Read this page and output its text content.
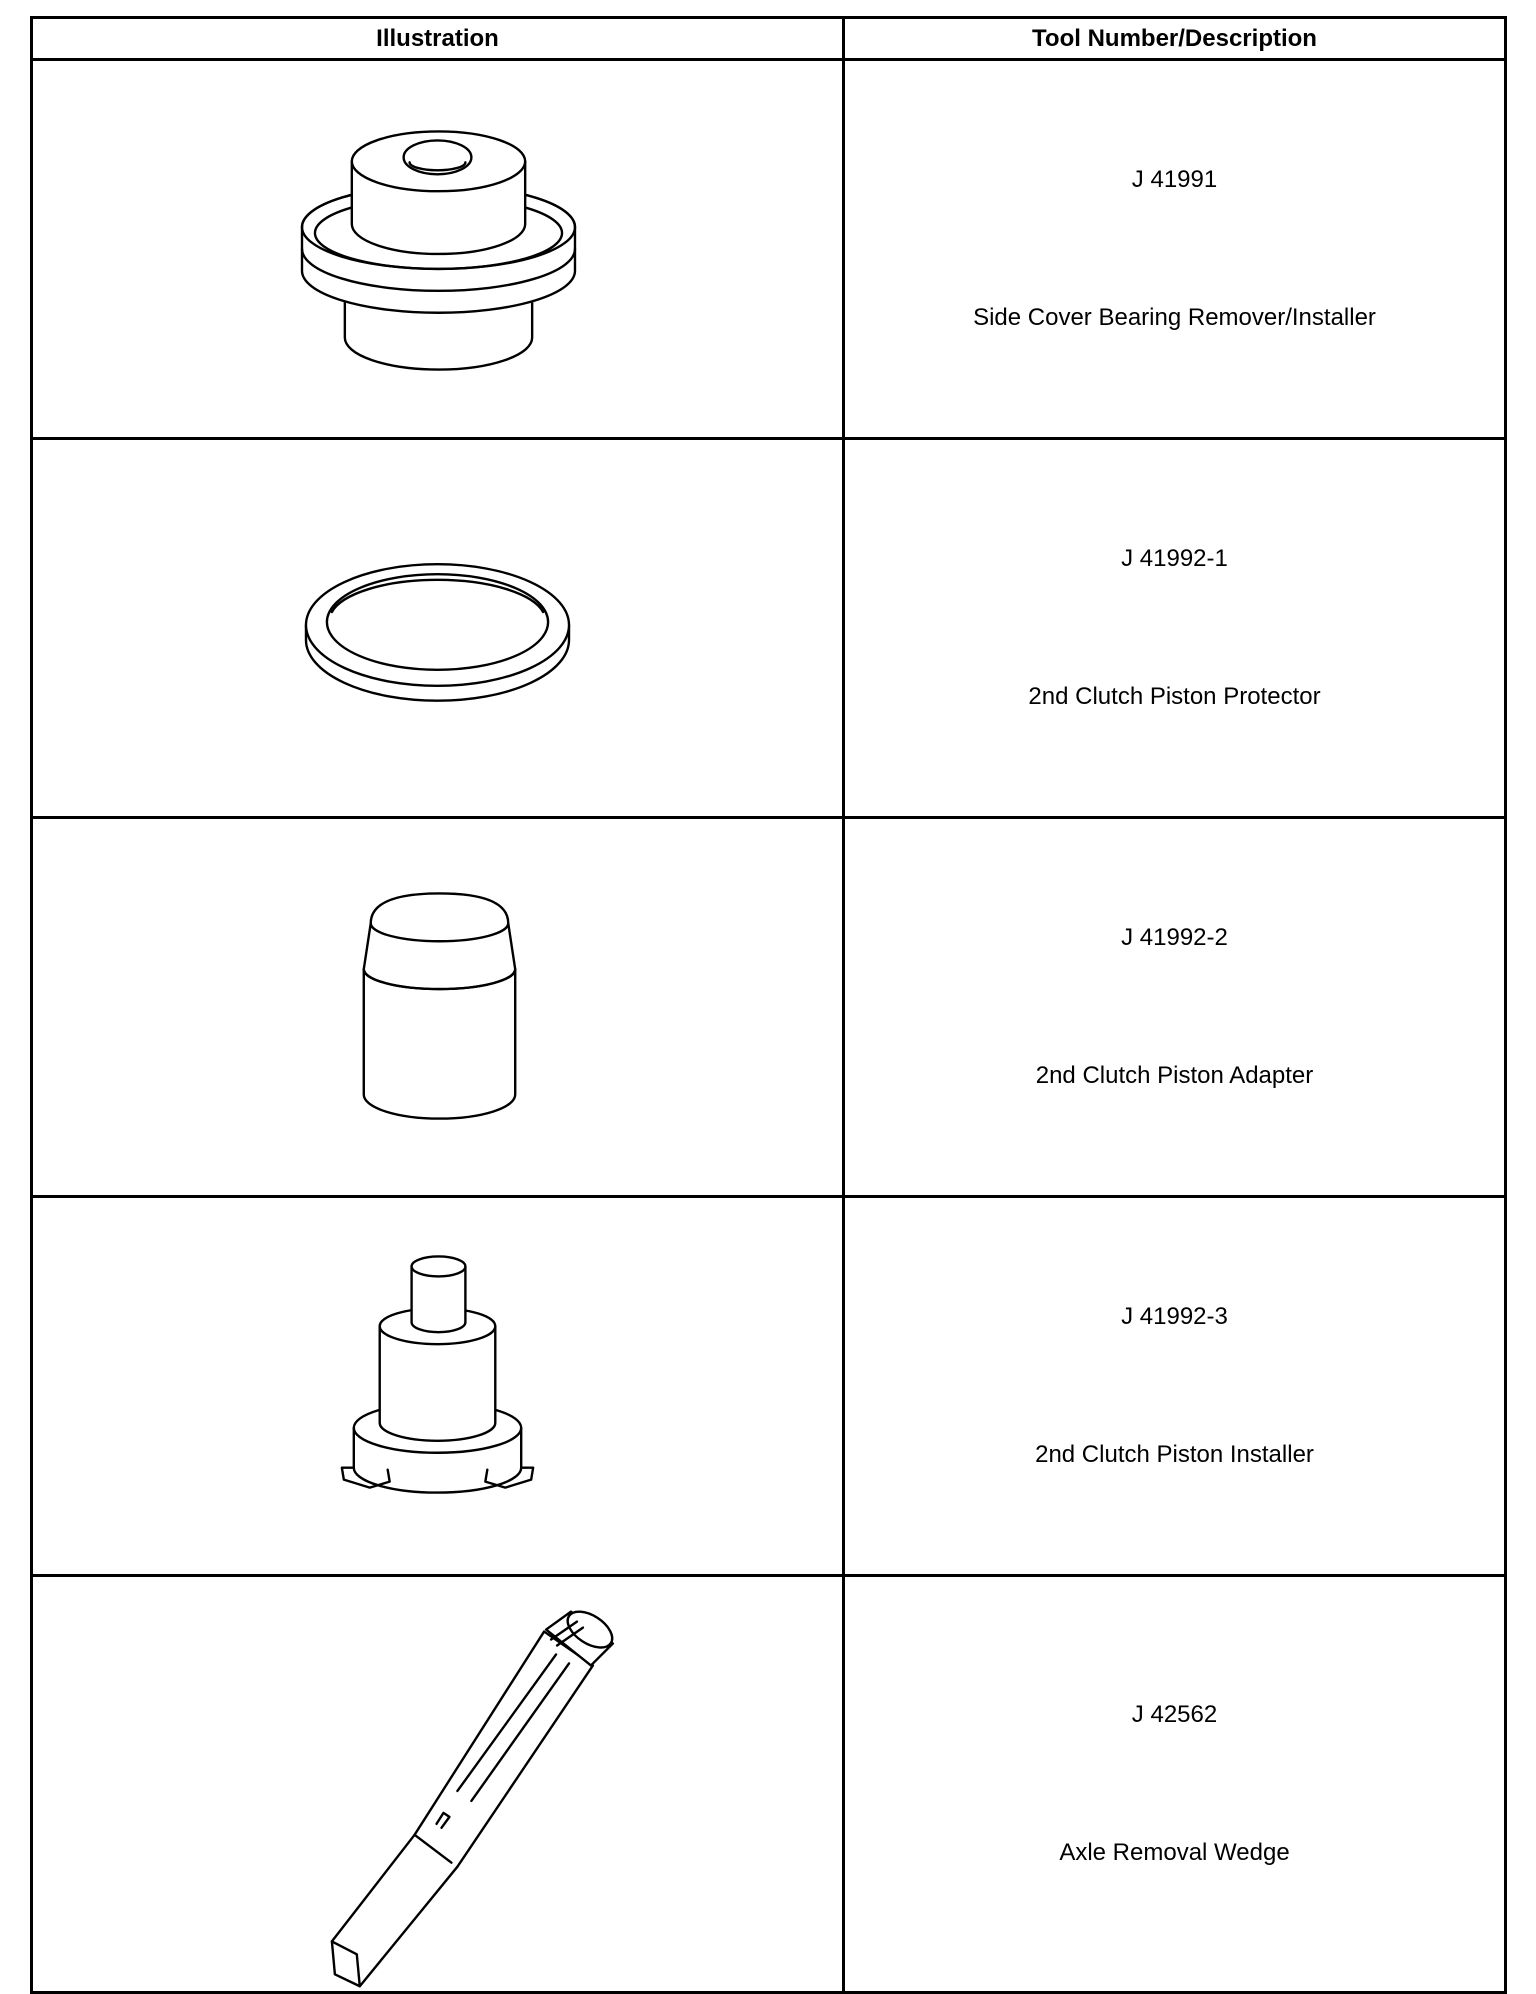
Illustration	Tool Number/Description

J 41991
Side Cover Bearing Remover/Installer

J 41992-1
2nd Clutch Piston Protector

J 41992-2
2nd Clutch Piston Adapter

J 41992-3
2nd Clutch Piston Installer

J 42562
Axle Removal Wedge
